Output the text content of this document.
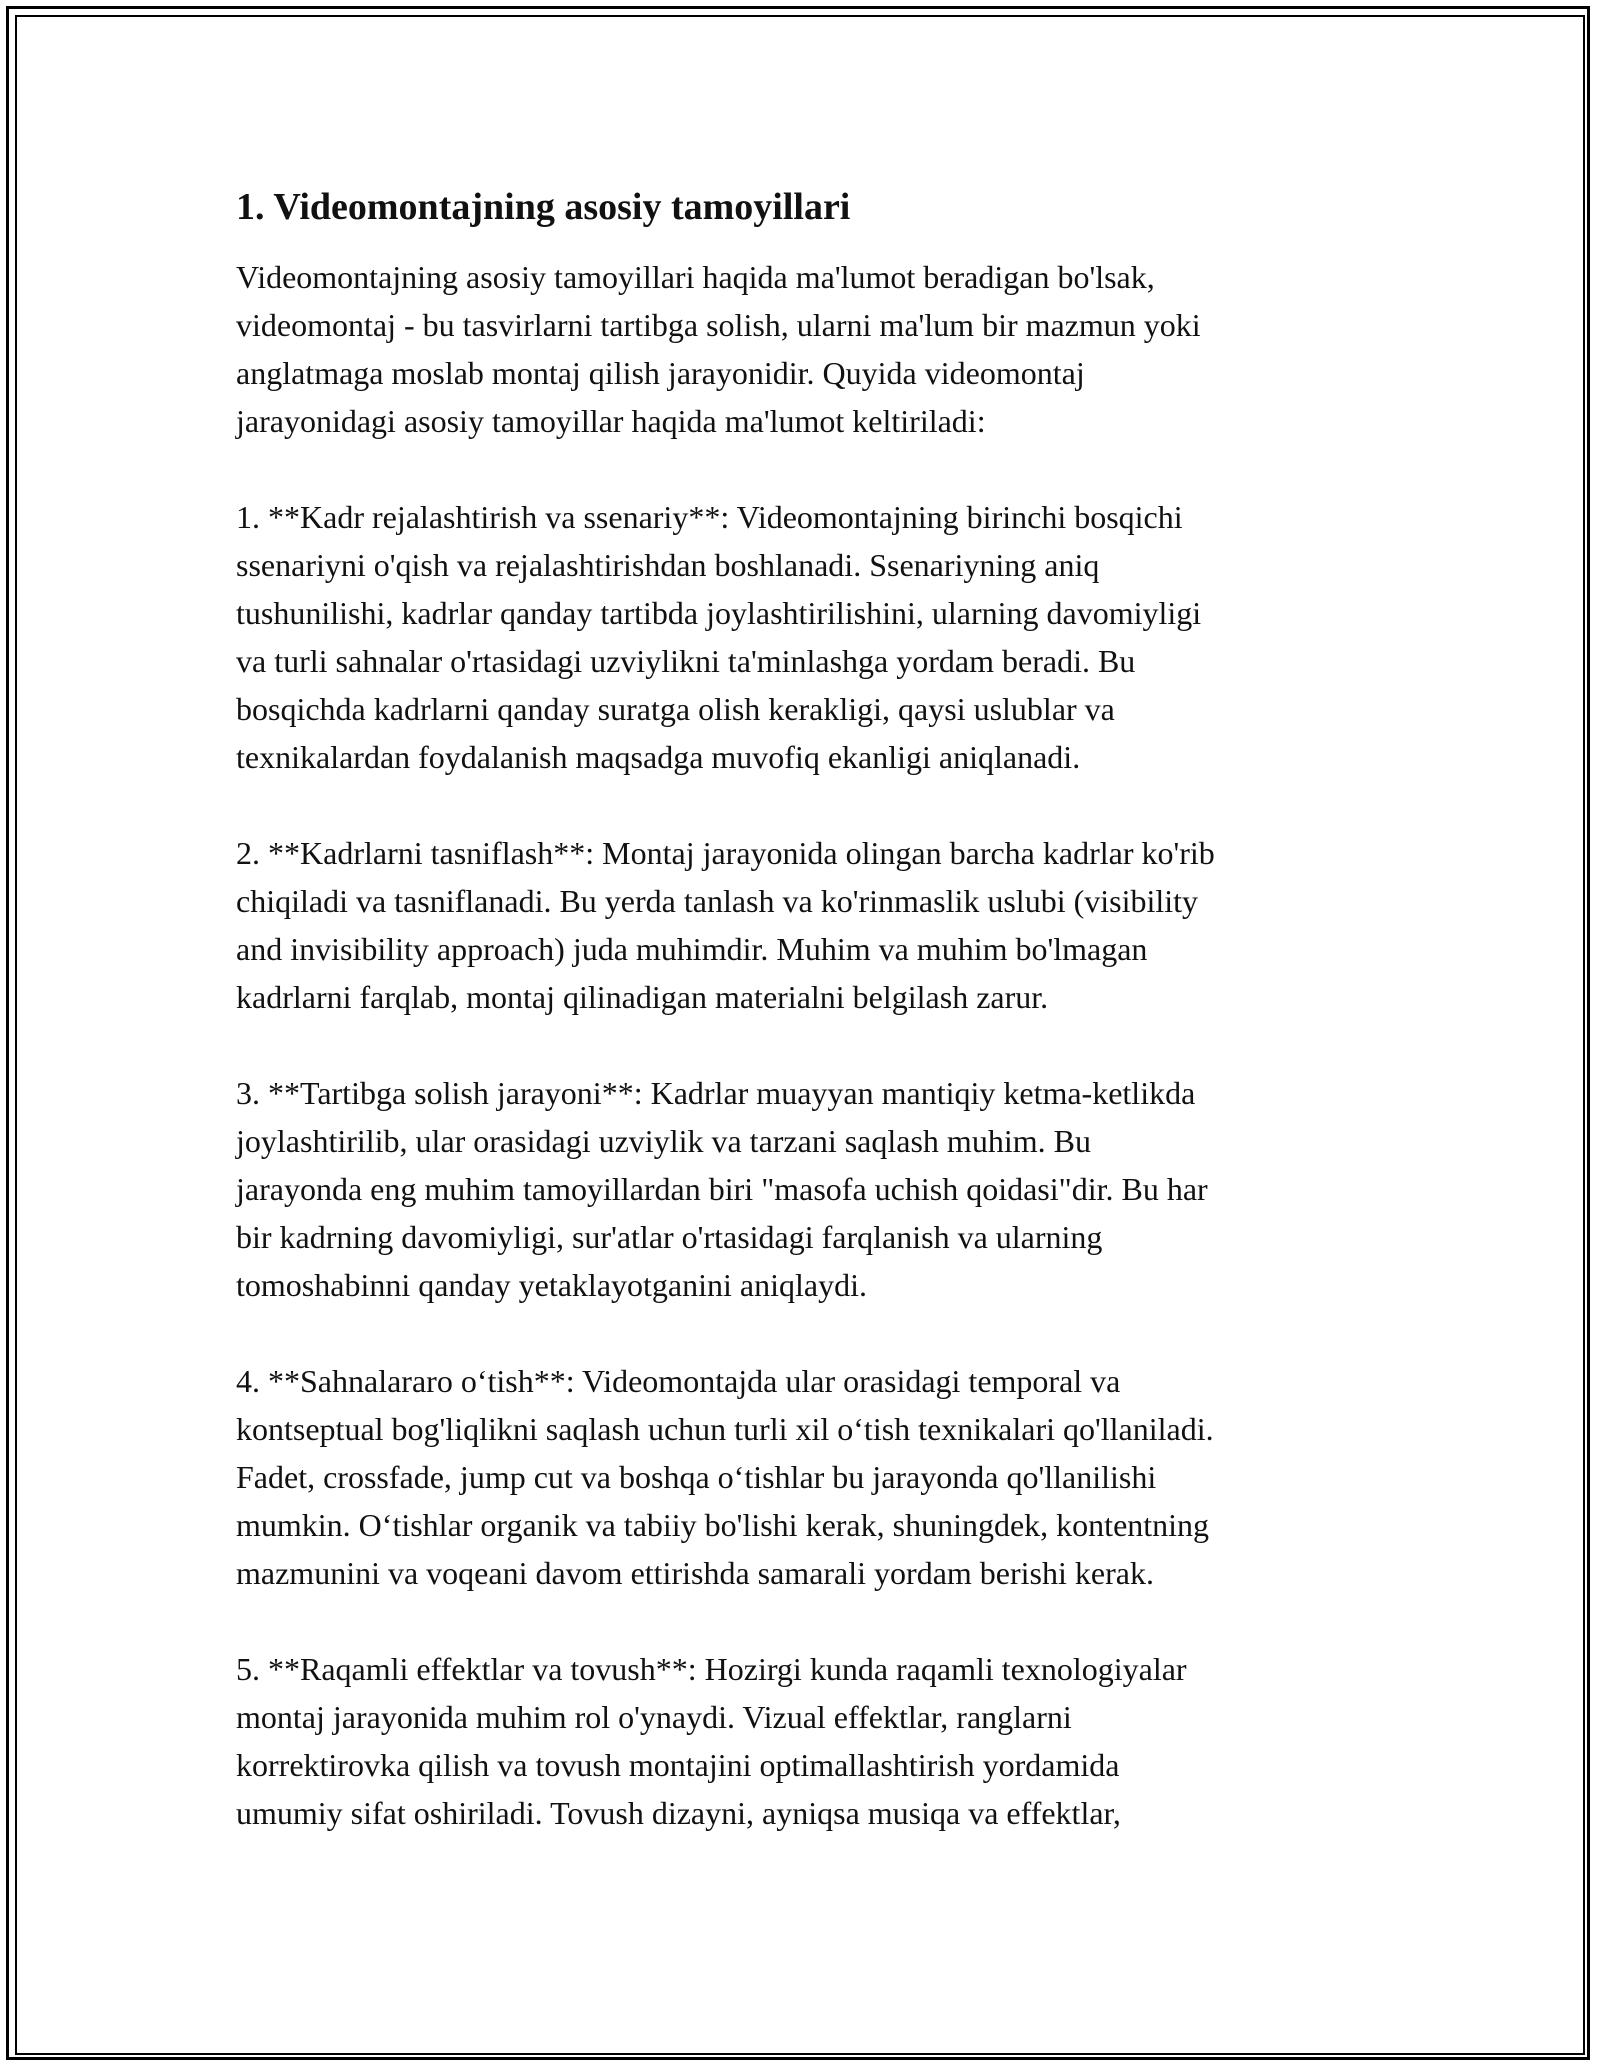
1. Videomontajning asosiy tamoyillari
Videomontajning asosiy tamoyillari haqida ma'lumot beradigan bo'lsak,
videomontaj - bu tasvirlarni tartibga solish, ularni ma'lum bir mazmun yoki
anglatmaga moslab montaj qilish jarayonidir. Quyida videomontaj
jarayonidagi asosiy tamoyillar haqida ma'lumot keltiriladi:
1. **Kadr rejalashtirish va ssenariy**: Videomontajning birinchi bosqichi
ssenariyni o'qish va rejalashtirishdan boshlanadi. Ssenariyning aniq
tushunilishi, kadrlar qanday tartibda joylashtirilishini, ularning davomiyligi
va turli sahnalar o'rtasidagi uzviylikni ta'minlashga yordam beradi. Bu
bosqichda kadrlarni qanday suratga olish kerakligi, qaysi uslublar va
texnikalardan foydalanish maqsadga muvofiq ekanligi aniqlanadi.
2. **Kadrlarni tasniflash**: Montaj jarayonida olingan barcha kadrlar ko'rib
chiqiladi va tasniflanadi. Bu yerda tanlash va ko'rinmaslik uslubi (visibility
and invisibility approach) juda muhimdir. Muhim va muhim bo'lmagan
kadrlarni farqlab, montaj qilinadigan materialni belgilash zarur.
3. **Tartibga solish jarayoni**: Kadrlar muayyan mantiqiy ketma-ketlikda
joylashtirilib, ular orasidagi uzviylik va tarzani saqlash muhim. Bu
jarayonda eng muhim tamoyillardan biri "masofa uchish qoidasi"dir. Bu har
bir kadrning davomiyligi, sur'atlar o'rtasidagi farqlanish va ularning
tomoshabinni qanday yetaklayotganini aniqlaydi.
4. **Sahnalararo o‘tish**: Videomontajda ular orasidagi temporal va
kontseptual bog'liqlikni saqlash uchun turli xil o‘tish texnikalari qo'llaniladi.
Fadet, crossfade, jump cut va boshqa o‘tishlar bu jarayonda qo'llanilishi
mumkin. O‘tishlar organik va tabiiy bo'lishi kerak, shuningdek, kontentning
mazmunini va voqeani davom ettirishda samarali yordam berishi kerak.
5. **Raqamli effektlar va tovush**: Hozirgi kunda raqamli texnologiyalar
montaj jarayonida muhim rol o'ynaydi. Vizual effektlar, ranglarni
korrektirovka qilish va tovush montajini optimallashtirish yordamida
umumiy sifat oshiriladi. Tovush dizayni, ayniqsa musiqa va effektlar,
